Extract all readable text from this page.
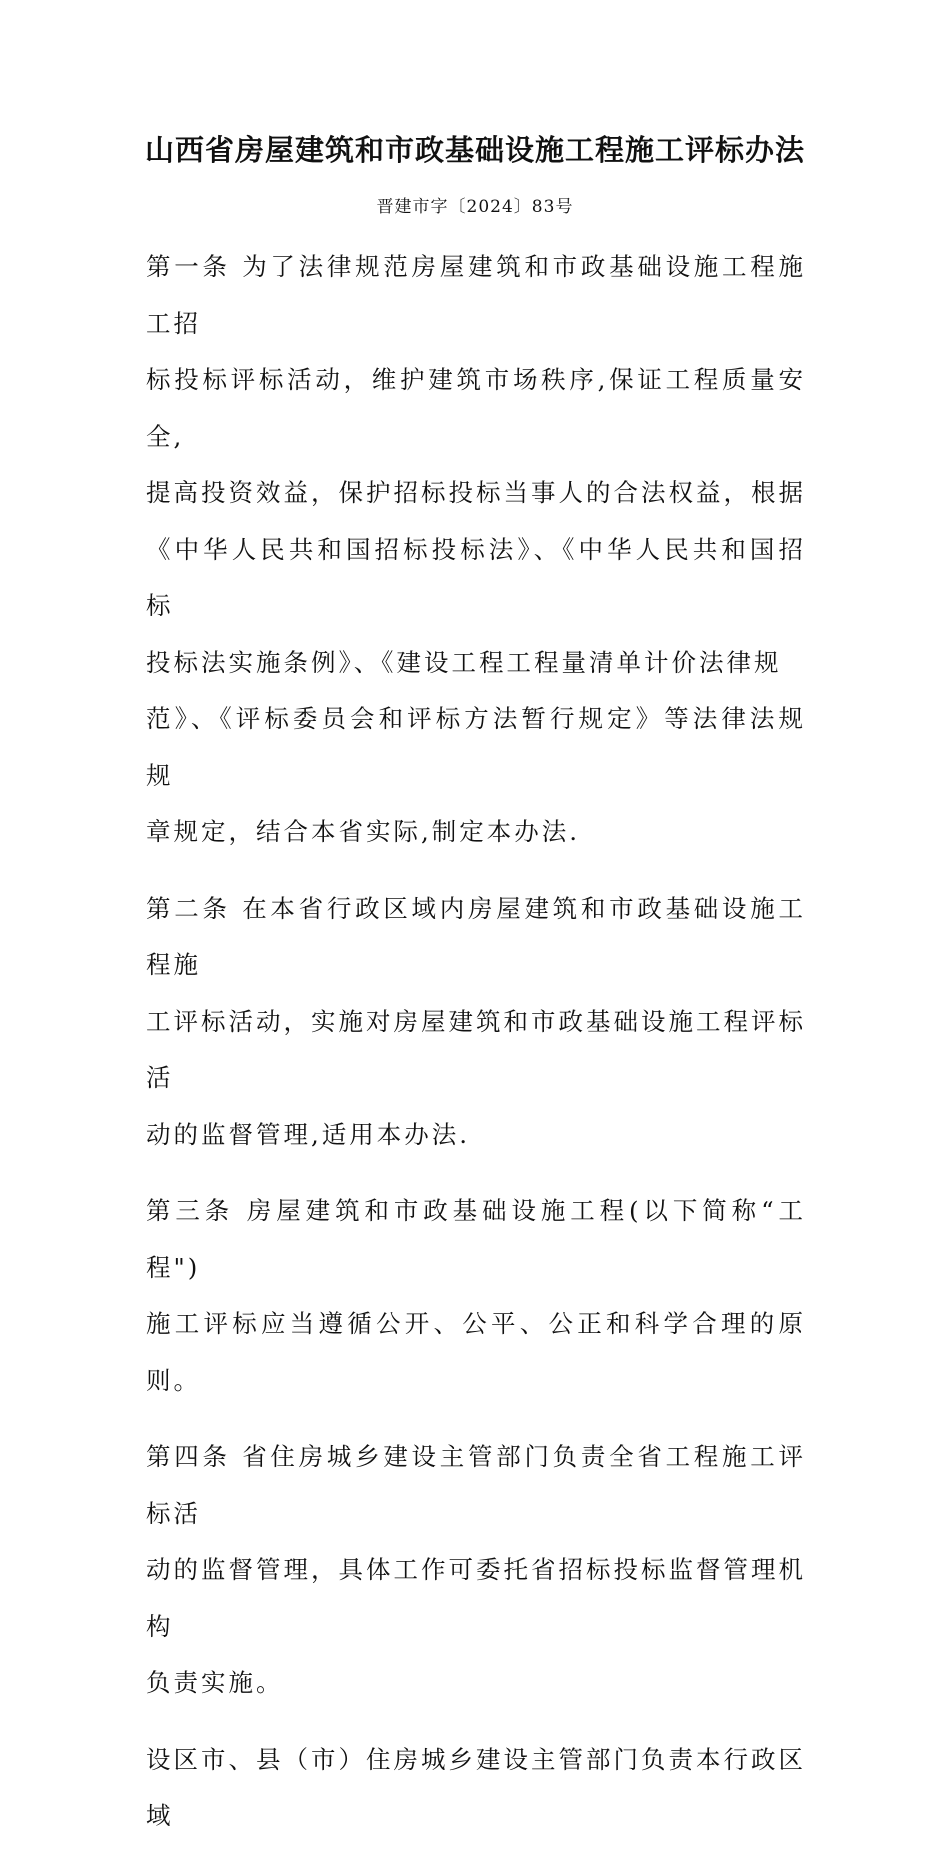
山西省房屋建筑和市政基础设施工程施工评标办法
晋建市字〔2024〕83号

第一条 为了法律规范房屋建筑和市政基础设施工程施工招
标投标评标活动，维护建筑市场秩序,保证工程质量安全,
提高投资效益，保护招标投标当事人的合法权益，根据
《中华人民共和国招标投标法》、《中华人民共和国招标
投标法实施条例》、《建设工程工程量清单计价法律规
范》、《评标委员会和评标方法暂行规定》等法律法规规
章规定，结合本省实际,制定本办法.

第二条 在本省行政区域内房屋建筑和市政基础设施工程施
工评标活动，实施对房屋建筑和市政基础设施工程评标活
动的监督管理,适用本办法.

第三条 房屋建筑和市政基础设施工程(以下简称“工程")
施工评标应当遵循公开、公平、公正和科学合理的原则。

第四条 省住房城乡建设主管部门负责全省工程施工评标活
动的监督管理，具体工作可委托省招标投标监督管理机构
负责实施。

设区市、县（市）住房城乡建设主管部门负责本行政区域
